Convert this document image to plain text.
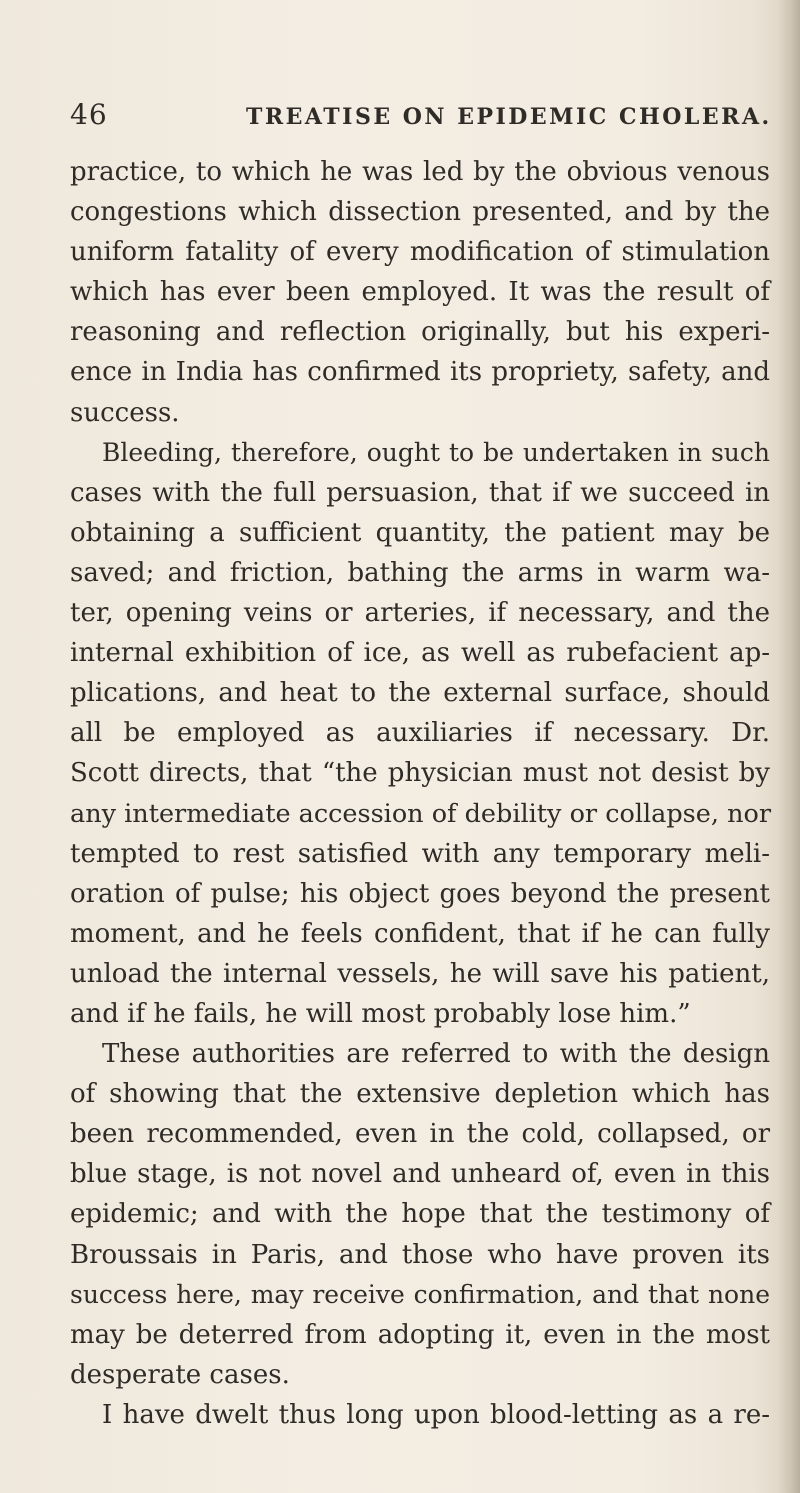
46	TREATISE ON EPIDEMIC CHOLERA.
practice, to which he was led by the obvious venous
congestions which dissection presented, and by the
uniform fatality of every modification of stimulation
which has ever been employed. It was the result of
reasoning and reflection originally, but his experi-
ence in India has confirmed its propriety, safety, and
success.
Bleeding, therefore, ought to be undertaken in such
cases with the full persuasion, that if we succeed in
obtaining a sufficient quantity, the patient may be
saved; and friction, bathing the arms in warm wa-
ter, opening veins or arteries, if necessary, and the
internal exhibition of ice, as well as rubefacient ap-
plications, and heat to the external surface, should
all be employed as auxiliaries if necessary. Dr.
Scott directs, that “the physician must not desist by
any intermediate accession of debility or collapse, nor
tempted to rest satisfied with any temporary meli-
oration of pulse; his object goes beyond the present
moment, and he feels confident, that if he can fully
unload the internal vessels, he will save his patient,
and if he fails, he will most probably lose him.”
These authorities are referred to with the design
of showing that the extensive depletion which has
been recommended, even in the cold, collapsed, or
blue stage, is not novel and unheard of, even in this
epidemic; and with the hope that the testimony of
Broussais in Paris, and those who have proven its
success here, may receive confirmation, and that none
may be deterred from adopting it, even in the most
desperate cases.
I have dwelt thus long upon blood-letting as a re-
